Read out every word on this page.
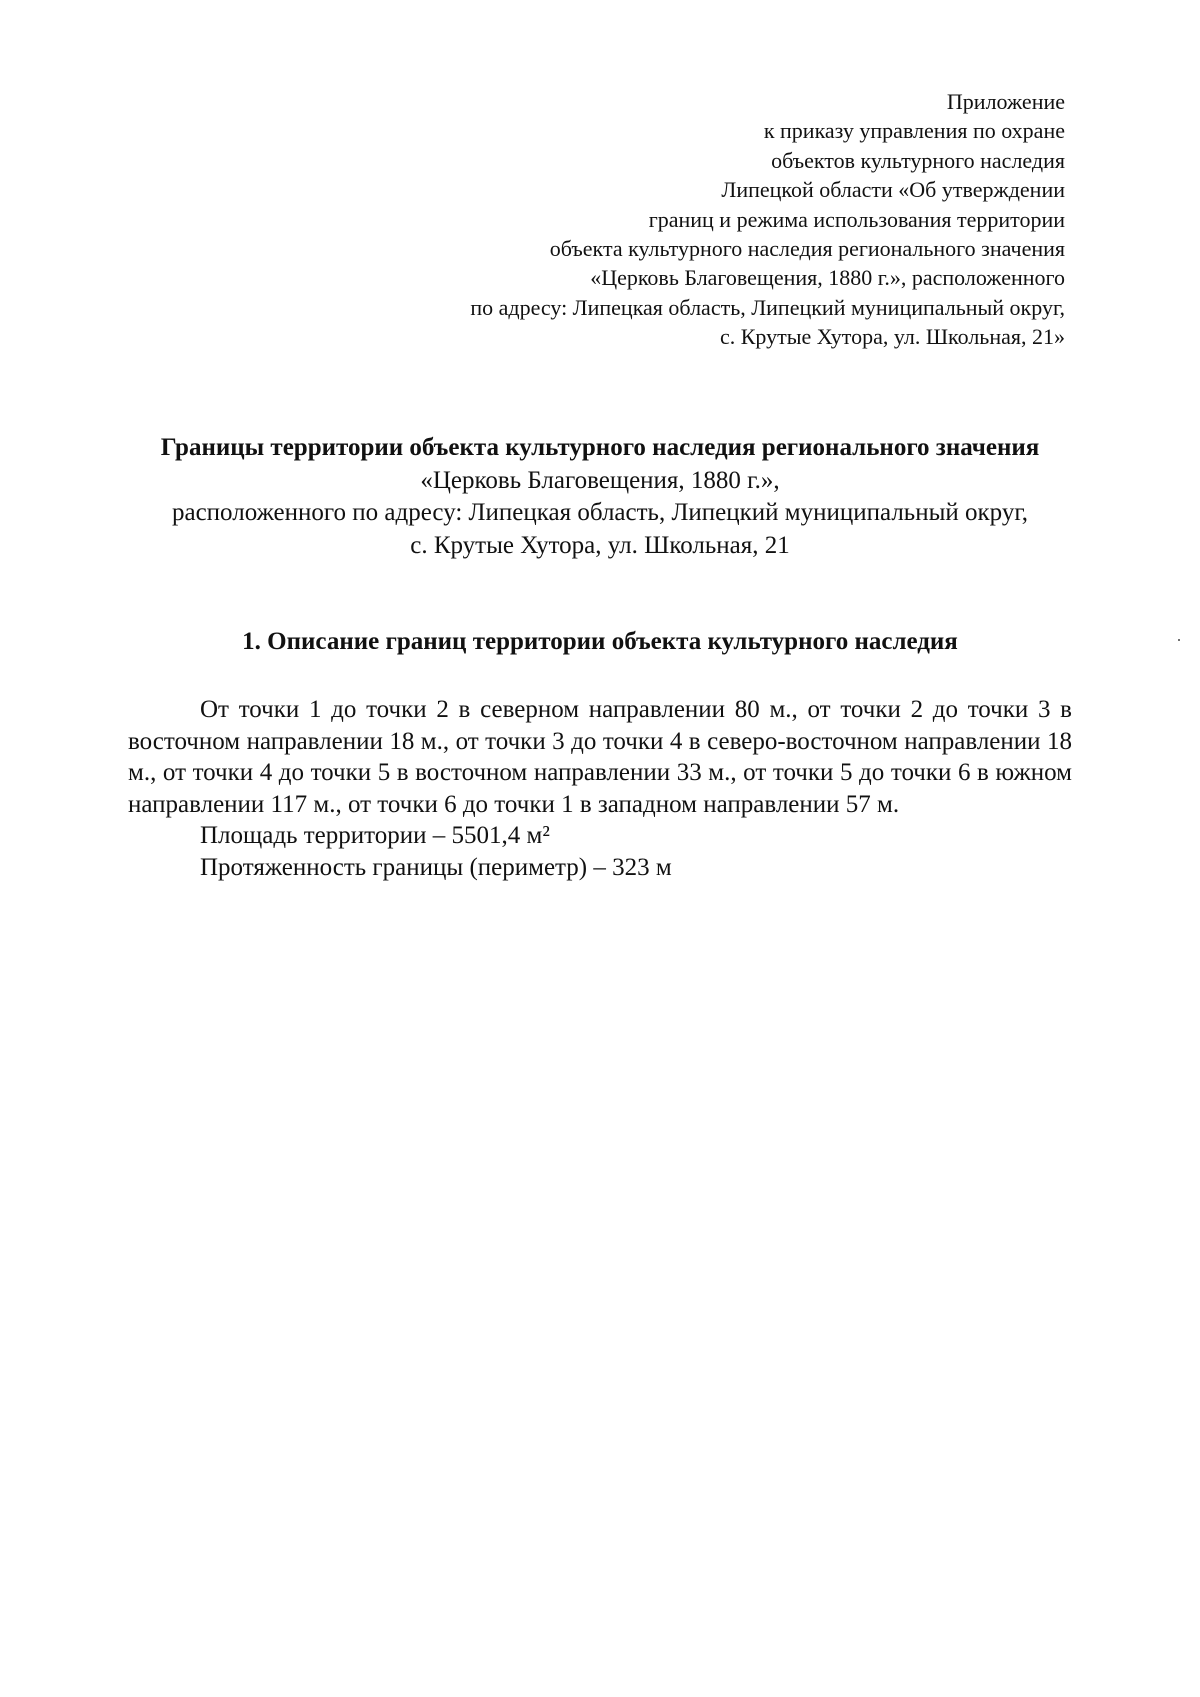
Приложение
к приказу управления по охране
объектов культурного наследия
Липецкой области «Об утверждении
границ и режима использования территории
объекта культурного наследия регионального значения
«Церковь Благовещения, 1880 г.», расположенного
по адресу: Липецкая область, Липецкий муниципальный округ,
с. Крутые Хутора, ул. Школьная, 21»
Границы территории объекта культурного наследия регионального значения
«Церковь Благовещения, 1880 г.»,
расположенного по адресу: Липецкая область, Липецкий муниципальный округ,
с. Крутые Хутора, ул. Школьная, 21
1. Описание границ территории объекта культурного наследия

От точки 1 до точки 2 в северном направлении 80 м., от точки 2 до точки 3 в восточном направлении 18 м., от точки 3 до точки 4 в северо-восточном направлении 18 м., от точки 4 до точки 5 в восточном направлении 33 м., от точки 5 до точки 6 в южном направлении 117 м., от точки 6 до точки 1 в западном направлении 57 м.

Площадь территории – 5501,4 м²

Протяженность границы (периметр) – 323 м
